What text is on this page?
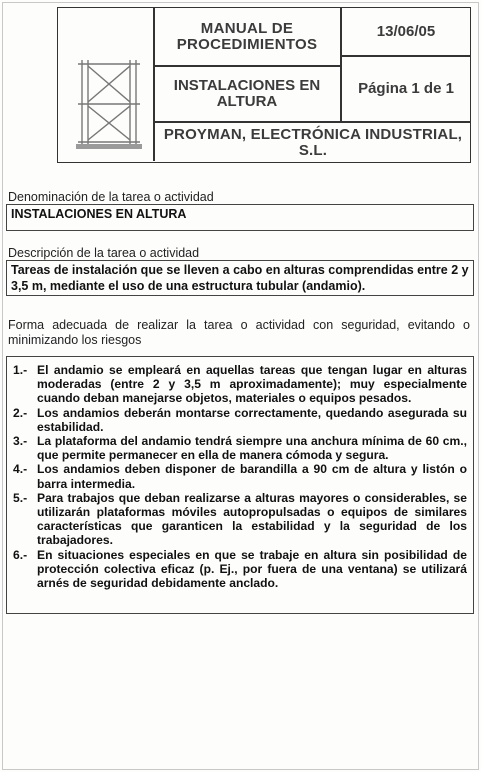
MANUAL DE PROCEDIMIENTOS
13/06/05
INSTALACIONES EN ALTURA
Página 1 de 1
PROYMAN, ELECTRÓNICA INDUSTRIAL, S.L.
Denominación de la tarea o actividad
INSTALACIONES EN ALTURA
Descripción de la tarea o actividad
Tareas de instalación que se lleven a cabo en alturas comprendidas entre 2 y 3,5 m, mediante el uso de una estructura tubular (andamio).
Forma adecuada de realizar la tarea o actividad con seguridad, evitando o minimizando los riesgos
1.- El andamio se empleará en aquellas tareas que tengan lugar en alturas moderadas (entre 2 y 3,5 m aproximadamente); muy especialmente cuando deban manejarse objetos, materiales o equipos pesados.
2.- Los andamios deberán montarse correctamente, quedando asegurada su estabilidad.
3.- La plataforma del andamio tendrá siempre una anchura mínima de 60 cm., que permite permanecer en ella de manera cómoda y segura.
4.- Los andamios deben disponer de barandilla a 90 cm de altura y listón o barra intermedia.
5.- Para trabajos que deban realizarse a alturas mayores o considerables, se utilizarán plataformas móviles autopropulsadas o equipos de similares características que garanticen la estabilidad y la seguridad de los trabajadores.
6.- En situaciones especiales en que se trabaje en altura sin posibilidad de protección colectiva eficaz (p. Ej., por fuera de una ventana) se utilizará arnés de seguridad debidamente anclado.
